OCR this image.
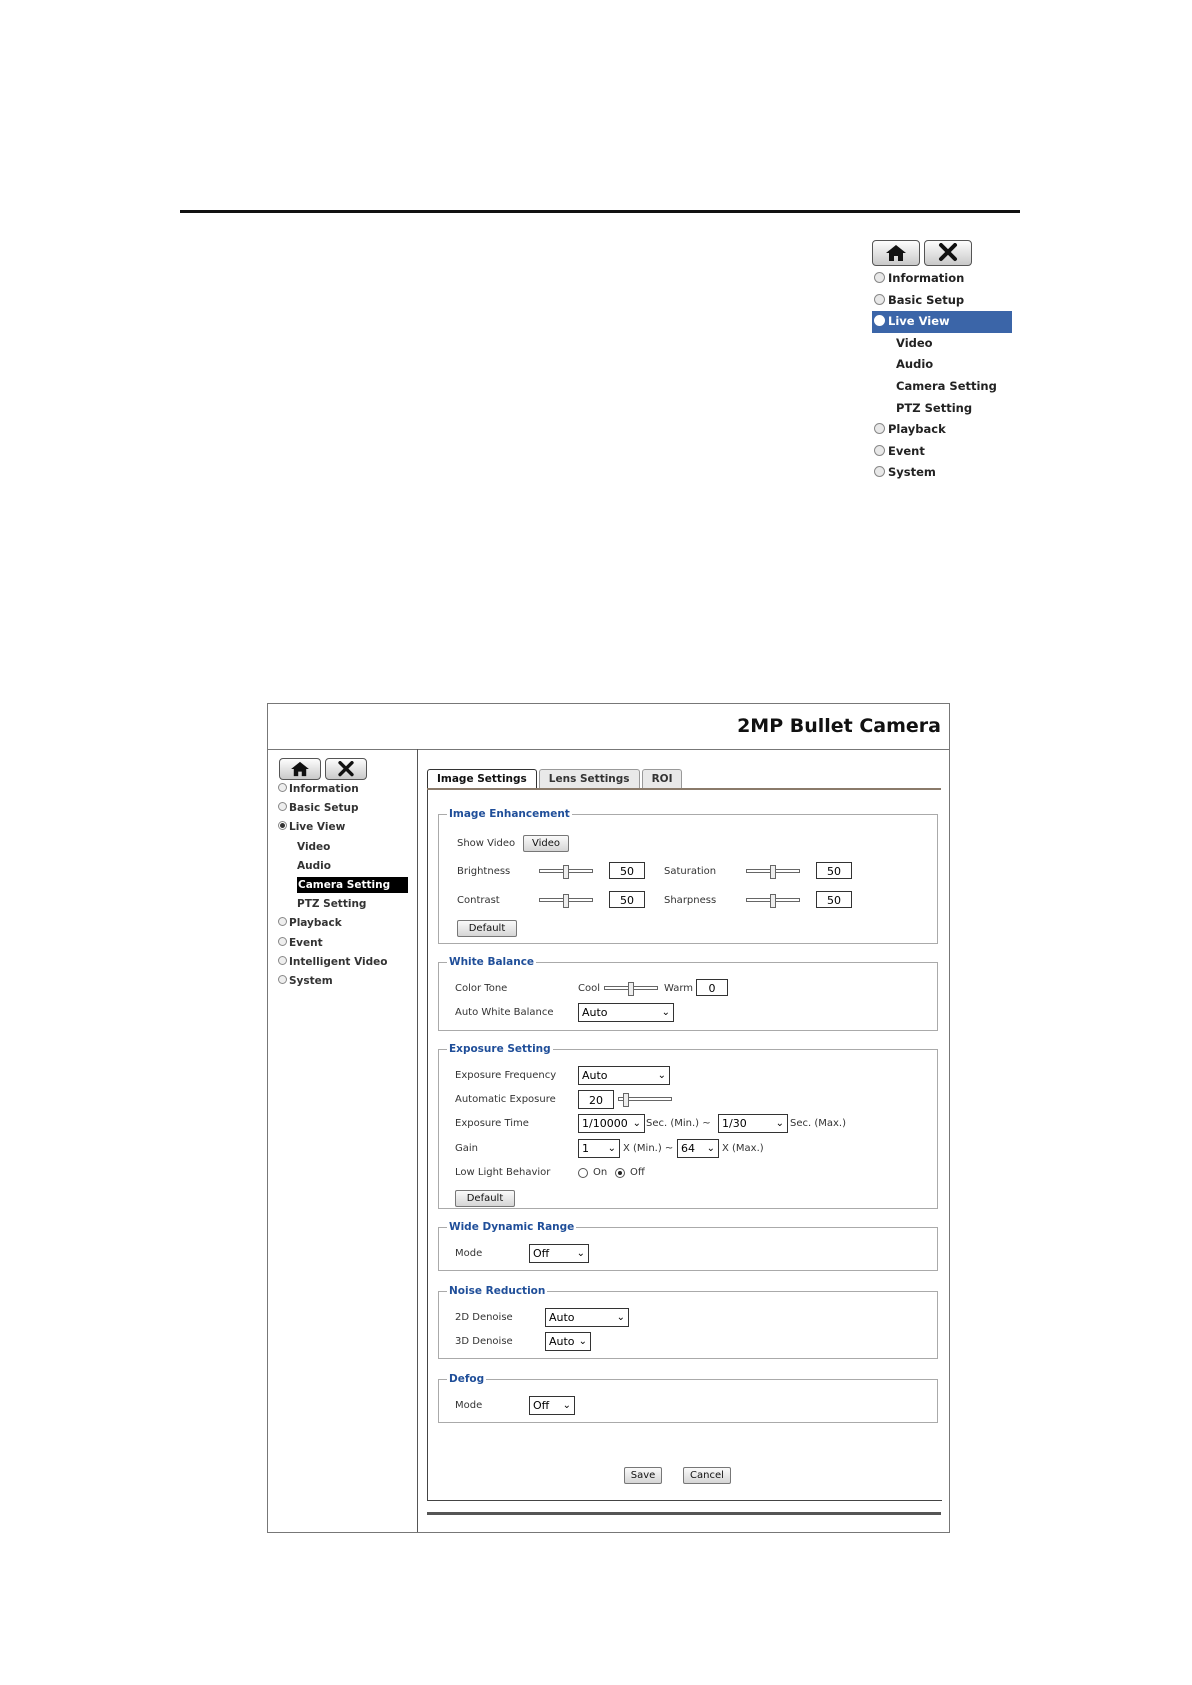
Information
Basic Setup
Live View
Video
Audio
Camera Setting
PTZ Setting
Playback
Event
System
2MP Bullet Camera
Information
Basic Setup
Live View
Video
Audio
Camera Setting
PTZ Setting
Playback
Event
Intelligent Video
System
Image Settings	Lens Settings	ROI
Image Enhancement
Show Video	Video
Brightness	50	Saturation	50
Contrast	50	Sharpness	50
Default
White Balance
Color Tone	Cool	Warm	0
Auto White Balance	Auto	⌄
Exposure Setting
Exposure Frequency	Auto	⌄
Automatic Exposure	20
Exposure Time	1/10000 ⌄ Sec. (Min.) ~	1/30	⌄ Sec. (Max.)
Gain	1 ⌄ X (Min.) ~ 64 ⌄ X (Max.)
Low Light Behavior	On Off
Default
Wide Dynamic Range
Mode	Off	⌄
Noise Reduction
2D Denoise	Auto	⌄
3D Denoise	Auto ⌄
Defog
Mode	Off ⌄
Save	Cancel
